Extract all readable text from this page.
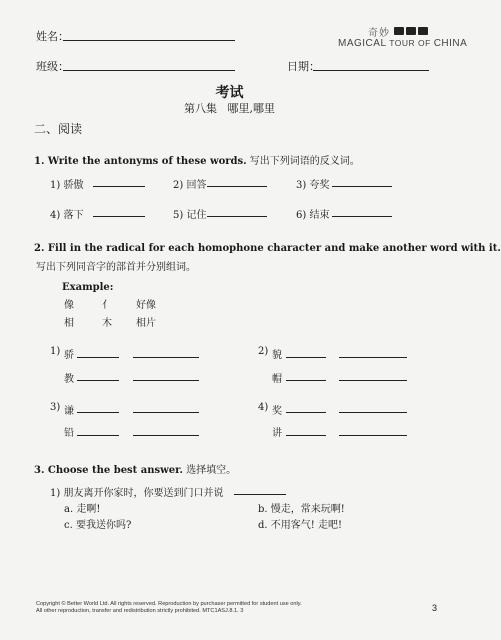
姓名：
班级：	日期：
奇妙
MAGICAL TOUR OF CHINA
考试
第八集   哪里,哪里
二、阅读
1. Write the antonyms of these words. 写出下列词语的反义词。
1) 骄傲	2) 回答	3) 夸奖
4) 落下	5) 记住	6) 结束
2. Fill in the radical for each homophone character and make another word with it.
写出下列同音字的部首并分别组词。
Example:
像	亻 好像
相	木 相片
1) 骄
教
2) 貌
帽
3) 谦
铅
4) 奖
讲
3. Choose the best answer. 选择填空。
1) 朋友离开你家时，你要送到门口并说
a. 走啊!	b. 慢走，常来玩啊!
c. 要我送你吗?	d. 不用客气! 走吧!
Copyright © Better World Ltd. All rights reserved. Reproduction by purchaser permitted for student use only.
All other reproduction, transfer and redistribution strictly prohibited. MTC1ASJ.8.1. 3	3
